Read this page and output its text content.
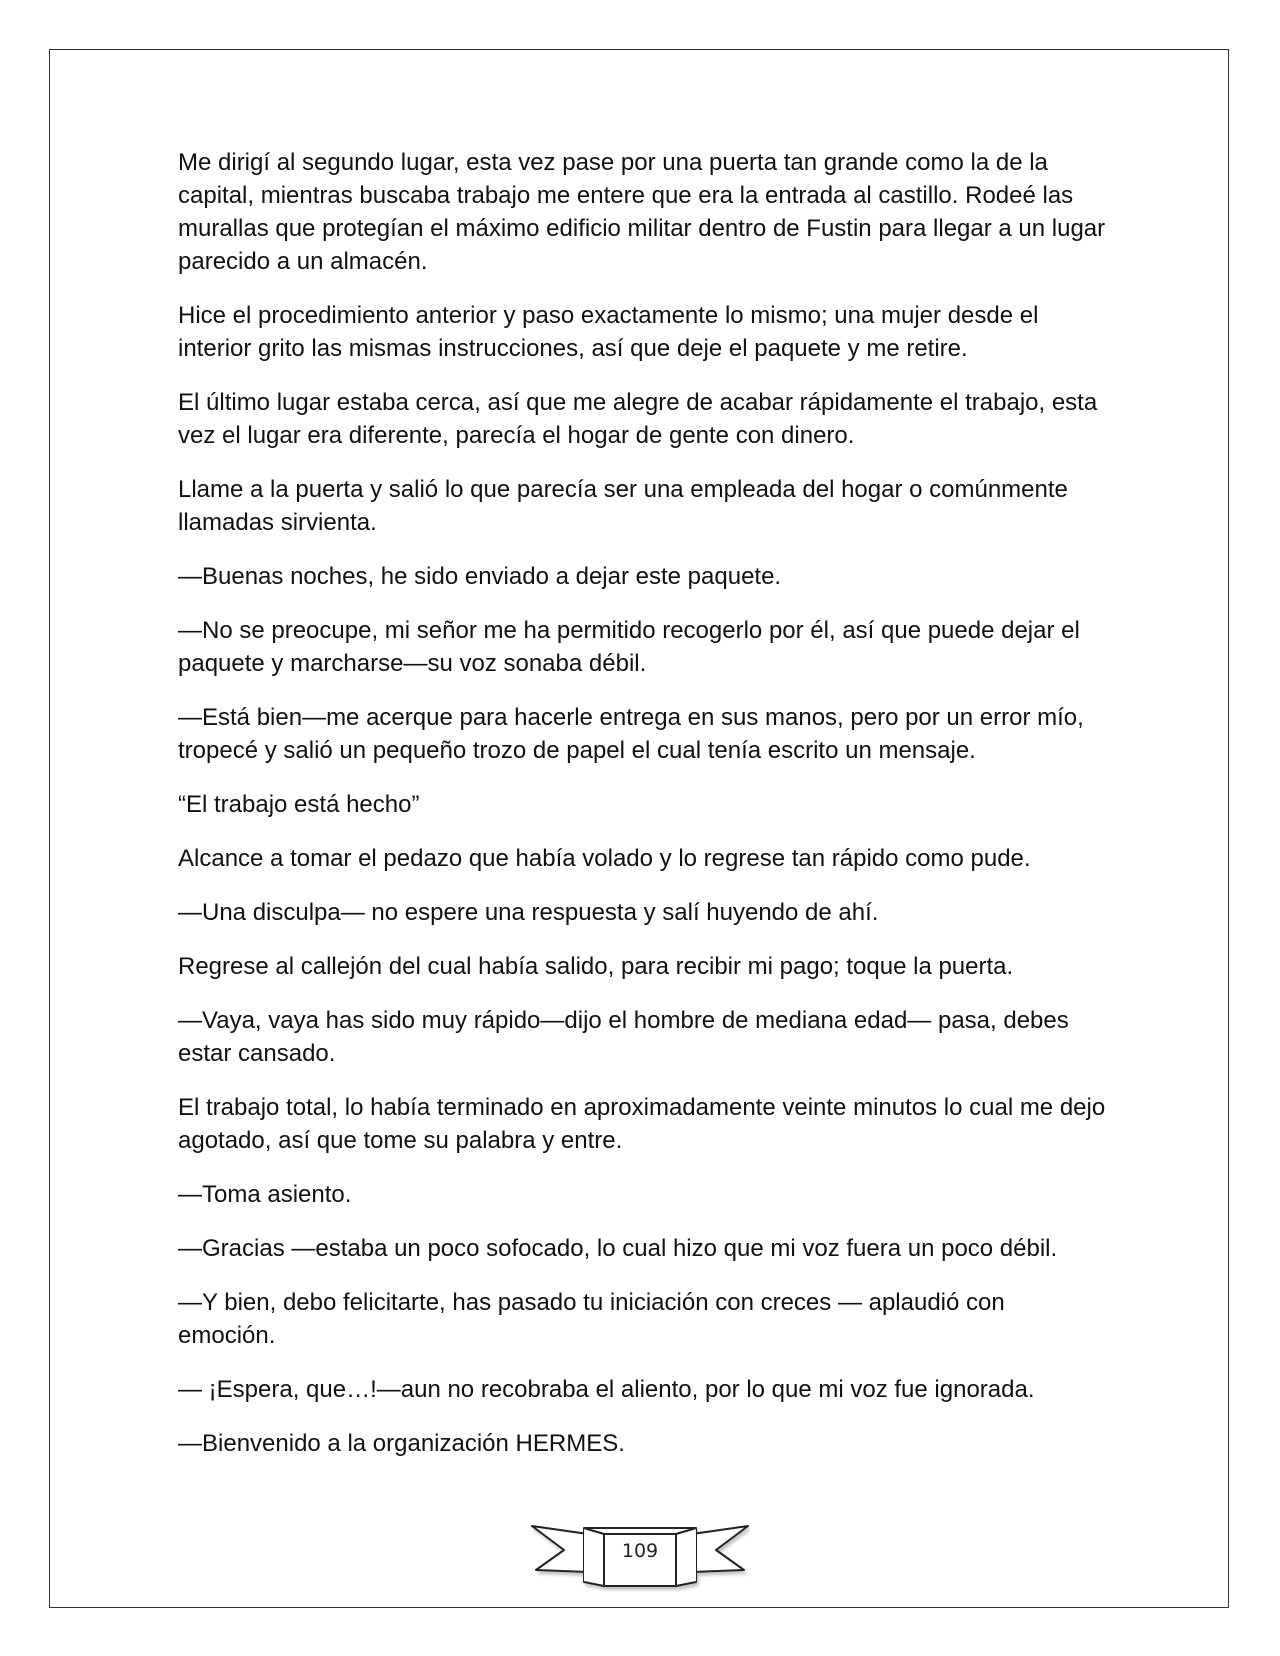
Me dirigí al segundo lugar, esta vez pase por una puerta tan grande como la de la capital, mientras buscaba trabajo me entere que era la entrada al castillo. Rodeé las murallas que protegían el máximo edificio militar dentro de Fustin para llegar a un lugar parecido a un almacén.

Hice el procedimiento anterior y paso exactamente lo mismo; una mujer desde el interior grito las mismas instrucciones, así que deje el paquete y me retire.

El último lugar estaba cerca, así que me alegre de acabar rápidamente el trabajo, esta vez el lugar era diferente, parecía el hogar de gente con dinero.

Llame a la puerta y salió lo que parecía ser una empleada del hogar o comúnmente llamadas sirvienta.

—Buenas noches, he sido enviado a dejar este paquete.

—No se preocupe, mi señor me ha permitido recogerlo por él, así que puede dejar el paquete y marcharse—su voz sonaba débil.

—Está bien—me acerque para hacerle entrega en sus manos, pero por un error mío, tropecé y salió un pequeño trozo de papel el cual tenía escrito un mensaje.

“El trabajo está hecho”

Alcance a tomar el pedazo que había volado y lo regrese tan rápido como pude.

—Una disculpa— no espere una respuesta y salí huyendo de ahí.

Regrese al callejón del cual había salido, para recibir mi pago; toque la puerta.

—Vaya, vaya has sido muy rápido—dijo el hombre de mediana edad— pasa, debes estar cansado.

El trabajo total, lo había terminado en aproximadamente veinte minutos lo cual me dejo agotado, así que tome su palabra y entre.

—Toma asiento.

—Gracias —estaba un poco sofocado, lo cual hizo que mi voz fuera un poco débil.

—Y bien, debo felicitarte, has pasado tu iniciación con creces — aplaudió con emoción.

— ¡Espera, que…!—aun no recobraba el aliento, por lo que mi voz fue ignorada.

—Bienvenido a la organización HERMES.

109
